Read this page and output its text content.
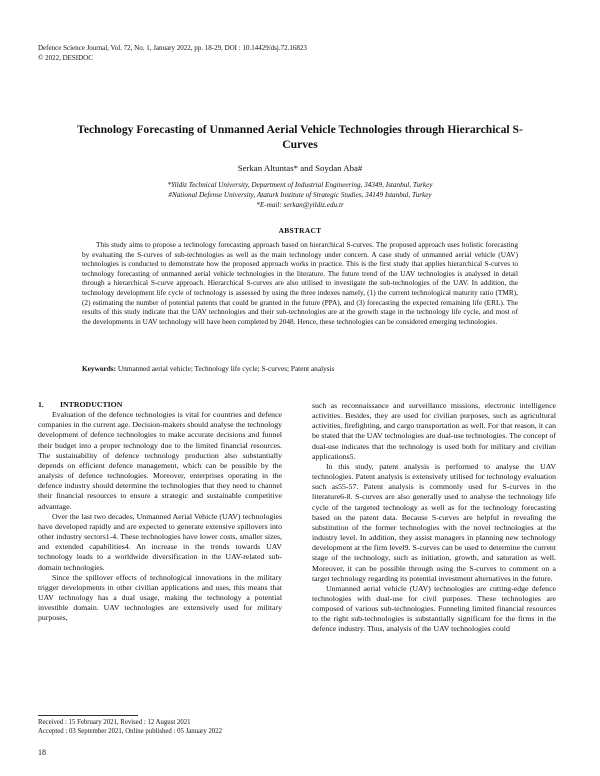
Defence Science Journal, Vol. 72, No. 1, January 2022, pp. 18-29, DOI : 10.14429/dsj.72.16823
© 2022, DESIDOC
Technology Forecasting of Unmanned Aerial Vehicle Technologies through Hierarchical S-Curves
Serkan Altuntas* and Soydan Aba#
*Yildiz Technical University, Department of Industrial Engineering, 34349, Istanbul, Turkey
#National Defense University, Ataturk Institute of Strategic Studies, 34149 Istanbul, Turkey
*E-mail: serkan@yildiz.edu.tr
ABSTRACT
This study aims to propose a technology forecasting approach based on hierarchical S-curves. The proposed approach uses holistic forecasting by evaluating the S-curves of sub-technologies as well as the main technology under concern. A case study of unmanned aerial vehicle (UAV) technologies is conducted to demonstrate how the proposed approach works in practice. This is the first study that applies hierarchical S-curves to technology forecasting of unmanned aerial vehicle technologies in the literature. The future trend of the UAV technologies is analysed in detail through a hierarchical S-curve approach. Hierarchical S-curves are also utilised to investigate the sub-technologies of the UAV. In addition, the technology development life cycle of technology is assessed by using the three indexes namely, (1) the current technological maturity ratio (TMR), (2) estimating the number of potential patents that could be granted in the future (PPA), and (3) forecasting the expected remaining life (ERL). The results of this study indicate that the UAV technologies and their sub-technologies are at the growth stage in the technology life cycle, and most of the developments in UAV technology will have been completed by 2048. Hence, these technologies can be considered emerging technologies.
Keywords: Unmanned aerial vehicle; Technology life cycle; S-curves; Patent analysis
1. INTRODUCTION

Evaluation of the defence technologies is vital for countries and defence companies in the current age. Decision-makers should analyse the technology development of defence technologies to make accurate decisions and funnel their budget into a proper technology due to the limited financial resources. The sustainability of defence technology production also substantially depends on efficient defence management, which can be possible by the analysis of defence technologies. Moreover, enterprises operating in the defence industry should determine the technologies that they need to channel their financial resources to ensure a strategic and sustainable competitive advantage.

Over the last two decades, Unmanned Aerial Vehicle (UAV) technologies have developed rapidly and are expected to generate extensive spillovers into other industry sectors1-4. These technologies have lower costs, smaller sizes, and extended capabilities4. An increase in the trends towards UAV technology leads to a worldwide diversification in the UAV-related sub-domain technologies.

Since the spillover effects of technological innovations in the military trigger developments in other civilian applications and uses, this means that UAV technology has a dual usage, making the technology a potential investible domain. UAV technologies are extensively used for military purposes,

such as reconnaissance and surveillance missions, electronic intelligence activities. Besides, they are used for civilian purposes, such as agricultural activities, firefighting, and cargo transportation as well. For that reason, it can be stated that the UAV technologies are dual-use technologies. The concept of dual-use indicates that the technology is used both for military and civilian applications5.

In this study, patent analysis is performed to analyse the UAV technologies. Patent analysis is extensively utilised for technology evaluation such as55-57. Patent analysis is commonly used for S-curves in the literature6-8. S-curves are also generally used to analyse the technology life cycle of the targeted technology as well as for the technology forecasting based on the patent data. Because S-curves are helpful in revealing the substitution of the former technologies with the novel technologies at the industry level. In addition, they assist managers in planning new technology development at the firm level9. S-curves can be used to determine the current stage of the technology, such as initiation, growth, and saturation as well. Moreover, it can be possible through using the S-curves to comment on a target technology regarding its potential investment alternatives in the future.

Unmanned aerial vehicle (UAV) technologies are cutting-edge defence technologies with dual-use for civil purposes. These technologies are composed of various sub-technologies. Funneling limited financial resources to the right sub-technologies is substantially significant for the firms in the defence industry. Thus, analysis of the UAV technologies could

Received : 15 February 2021, Revised : 12 August 2021
Accepted : 03 September 2021, Online published : 05 January 2022
18
